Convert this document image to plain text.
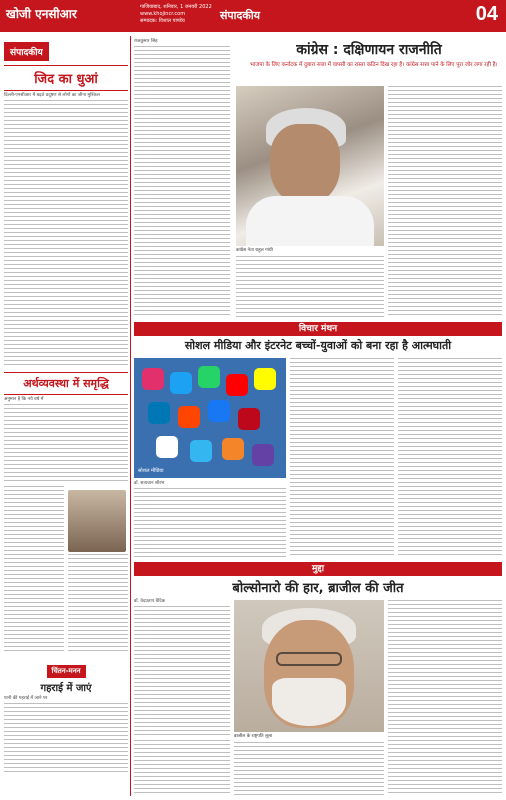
खोजी एनसीआर	गाजियाबाद, शनिवार, 1 जनवरी 2022
www.khojincr.com
सम्पादक: विशाल पाण्डेय	संपादकीय	04
संपादकीय
जिद का धुआं
दिल्ली-एनसीआर में बढ़ते प्रदूषण से लोगों का जीना मुश्किल
अर्थव्यवस्था में समृद्धि
अनुमान है कि नये वर्ष में
चिंतन-मनन
गहराई में जाएं
पानी की गहराई में जाने पर
राजकुमार सिंह
कांग्रेस : दक्षिणायन राजनीति
भाजपा के लिए कर्नाटक में दुबारा सत्ता में वापसी का रास्ता कठिन दिख रहा है। कांग्रेस सत्ता पाने के लिए पूरा जोर लगा रही है।
कांग्रेस नेता राहुल गांधी
विचार मंथन
सोशल मीडिया और इंटरनेट बच्चों-युवाओं को बना रहा है आत्मघाती
सोशल मीडिया
डॉ. सत्यवान सौरभ
मुद्दा
बोल्सोनारो की हार, ब्राजील की जीत
डॉ. वेदप्रताप वैदिक
ब्राजील के राष्ट्रपति लूला
